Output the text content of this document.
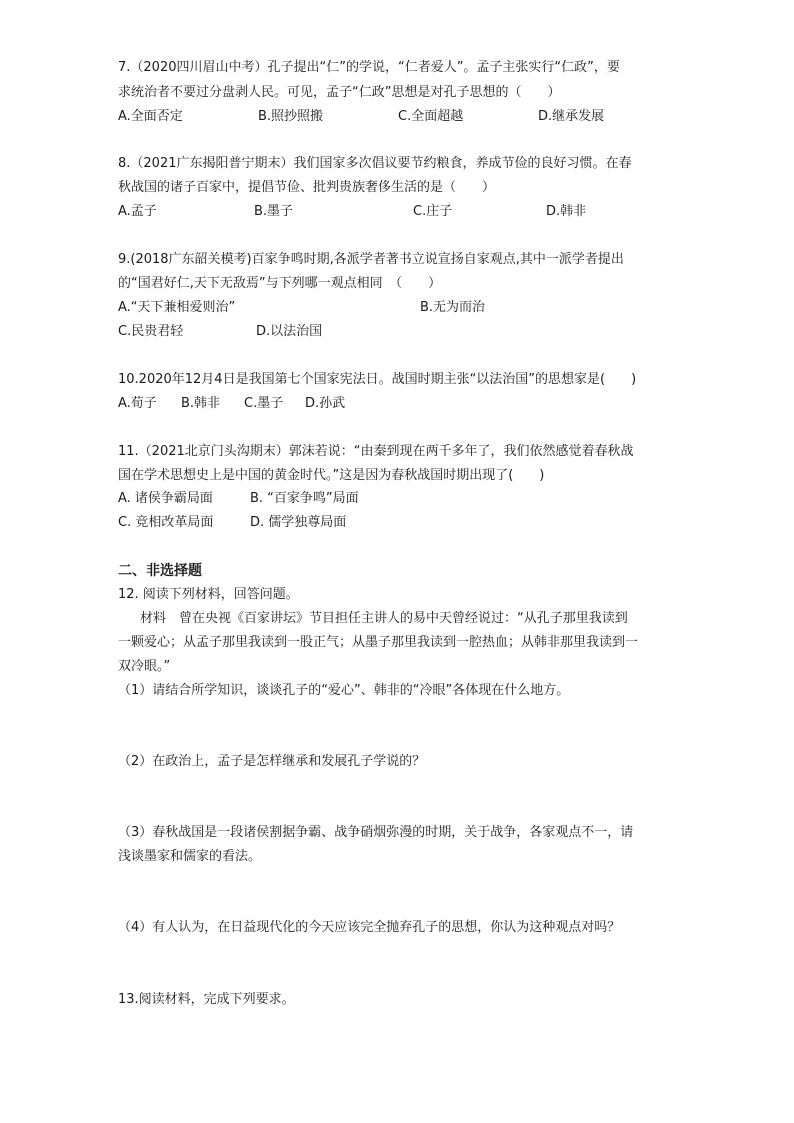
7.（2020四川眉山中考）孔子提出“仁”的学说，“仁者爱人”。孟子主张实行“仁政”，要
求统治者不要过分盘剥人民。可见，孟子“仁政”思想是对孔子思想的（　　）
A.全面否定	B.照抄照搬	C.全面超越	D.继承发展
8.（2021广东揭阳普宁期末）我们国家多次倡议要节约粮食，养成节俭的良好习惯。在春
秋战国的诸子百家中，提倡节俭、批判贵族奢侈生活的是（　　）
A.孟子	B.墨子	C.庄子	D.韩非
9.(2018广东韶关模考)百家争鸣时期,各派学者著书立说宣扬自家观点,其中一派学者提出
的“国君好仁,天下无敌焉”与下列哪一观点相同　（　　）
A.“天下兼相爱则治”	B.无为而治
C.民贵君轻	D.以法治国
10.2020年12月4日是我国第七个国家宪法日。战国时期主张“以法治国”的思想家是(　　)
A.荀子 B.韩非 C.墨子 D.孙武
11.（2021北京门头沟期末）郭沫若说：“由秦到现在两千多年了，我们依然感觉着春秋战
国在学术思想史上是中国的黄金时代。”这是因为春秋战国时期出现了(　　)
A. 诸侯争霸局面	B. “百家争鸣”局面
C. 竞相改革局面	D. 儒学独尊局面
二、非选择题
12. 阅读下列材料，回答问题。
材料　曾在央视《百家讲坛》节目担任主讲人的易中天曾经说过：“从孔子那里我读到
一颗爱心；从孟子那里我读到一股正气；从墨子那里我读到一腔热血；从韩非那里我读到一
双冷眼。”
（1）请结合所学知识，谈谈孔子的“爱心”、韩非的“冷眼”各体现在什么地方。
（2）在政治上，孟子是怎样继承和发展孔子学说的？
（3）春秋战国是一段诸侯割据争霸、战争硝烟弥漫的时期，关于战争，各家观点不一，请
浅谈墨家和儒家的看法。
（4）有人认为，在日益现代化的今天应该完全抛弃孔子的思想，你认为这种观点对吗？
13.阅读材料，完成下列要求。
